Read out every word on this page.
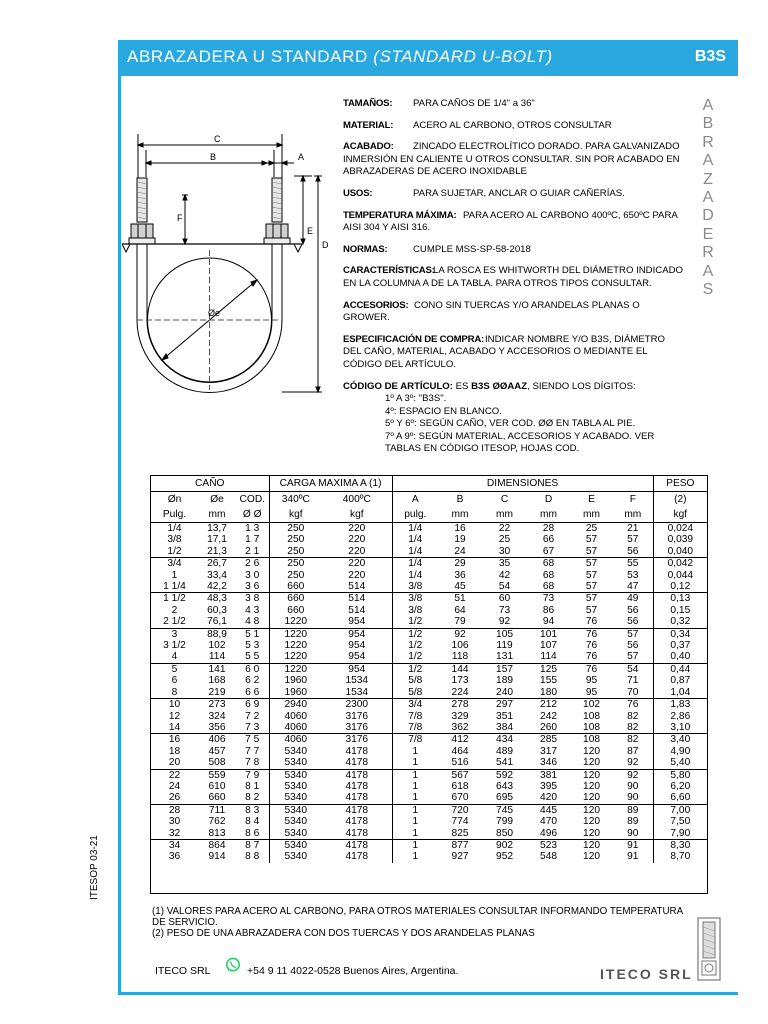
ABRAZADERA U STANDARD (STANDARD U-BOLT)	B3S
A
B
R
A
Z
A
D
E
R
A
S
C
B	A
F
E
D
Øe
TAMAÑOS:	PARA CAÑOS DE 1/4" a 36"
MATERIAL:	ACERO AL CARBONO, OTROS CONSULTAR
ACABADO:	ZINCADO ELECTROLÍTICO DORADO. PARA GALVANIZADO INMERSIÓN EN CALIENTE U OTROS CONSULTAR. SIN POR ACABADO EN ABRAZADERAS DE ACERO INOXIDABLE
USOS:	PARA SUJETAR, ANCLAR O GUIAR CAÑERÍAS.
TEMPERATURA MÁXIMA: PARA ACERO AL CARBONO 400ºC, 650ºC PARA AISI 304 Y AISI 316.
NORMAS:	CUMPLE MSS-SP-58-2018
CARACTERÍSTICAS:
LA ROSCA ES WHITWORTH DEL DIÁMETRO INDICADO EN LA COLUMNA A DE LA TABLA. PARA OTROS TIPOS CONSULTAR.
ACCESORIOS: CONO SIN TUERCAS Y/O ARANDELAS PLANAS O GROWER.
ESPECIFICACIÓN DE COMPRA: INDICAR NOMBRE Y/O B3S, DIÁMETRO DEL CAÑO, MATERIAL, ACABADO Y ACCESORIOS O MEDIANTE EL CÓDIGO DEL ARTÍCULO.
CÓDIGO DE ARTÍCULO: ES B3S ØØAAZ, SIENDO LOS DÍGITOS:
1º A 3º: "B3S".
4º: ESPACIO EN BLANCO.
5º Y 6º: SEGÚN CAÑO, VER COD. ØØ EN TABLA AL PIE.
7º A 9º: SEGÚN MATERIAL, ACCESORIOS Y ACABADO. VER TABLAS EN CÓDIGO ITESOP, HOJAS COD.
CAÑO			CARGA MAXIMA A (1)		DIMENSIONES						PESO
Øn	Øe	COD.	340ºC	400ºC	A	B	C	D	E	F	(2)
Pulg.	mm	Ø Ø	kgf	kgf	pulg.	mm	mm	mm	mm	mm	kgf
1/4	13,7	1 3	250	220	1/4	16	22	28	25	21	0,024
3/8	17,1	1 7	250	220	1/4	19	25	66	57	57	0,039
1/2	21,3	2 1	250	220	1/4	24	30	67	57	56	0,040
3/4	26,7	2 6	250	220	1/4	29	35	68	57	55	0,042
1	33,4	3 0	250	220	1/4	36	42	68	57	53	0,044
1 1/4	42,2	3 6	660	514	3/8	45	54	68	57	47	0,12
1 1/2	48,3	3 8	660	514	3/8	51	60	73	57	49	0,13
2	60,3	4 3	660	514	3/8	64	73	86	57	56	0,15
2 1/2	76,1	4 8	1220	954	1/2	79	92	94	76	56	0,32
3	88,9	5 1	1220	954	1/2	92	105	101	76	57	0,34
3 1/2	102	5 3	1220	954	1/2	106	119	107	76	56	0,37
4	114	5 5	1220	954	1/2	118	131	114	76	57	0,40
5	141	6 0	1220	954	1/2	144	157	125	76	54	0,44
6	168	6 2	1960	1534	5/8	173	189	155	95	71	0,87
8	219	6 6	1960	1534	5/8	224	240	180	95	70	1,04
10	273	6 9	2940	2300	3/4	278	297	212	102	76	1,83
12	324	7 2	4060	3176	7/8	329	351	242	108	82	2,86
14	356	7 3	4060	3176	7/8	362	384	260	108	82	3,10
16	406	7 5	4060	3176	7/8	412	434	285	108	82	3,40
18	457	7 7	5340	4178	1	464	489	317	120	87	4,90
20	508	7 8	5340	4178	1	516	541	346	120	92	5,40
22	559	7 9	5340	4178	1	567	592	381	120	92	5,80
24	610	8 1	5340	4178	1	618	643	395	120	90	6,20
26	660	8 2	5340	4178	1	670	695	420	120	90	6,60
28	711	8 3	5340	4178	1	720	745	445	120	89	7,00
30	762	8 4	5340	4178	1	774	799	470	120	89	7,50
32	813	8 6	5340	4178	1	825	850	496	120	90	7,90
34	864	8 7	5340	4178	1	877	902	523	120	91	8,30
36	914	8 8	5340	4178	1	927	952	548	120	91	8,70
(1) VALORES PARA ACERO AL CARBONO, PARA OTROS MATERIALES CONSULTAR INFORMANDO TEMPERATURA DE SERVICIO.
(2) PESO DE UNA ABRAZADERA CON DOS TUERCAS Y DOS ARANDELAS PLANAS
ITECO SRL	+54 9 11 4022-0528 Buenos Aires, Argentina.
ITESOP 03-21
ITECO SRL
